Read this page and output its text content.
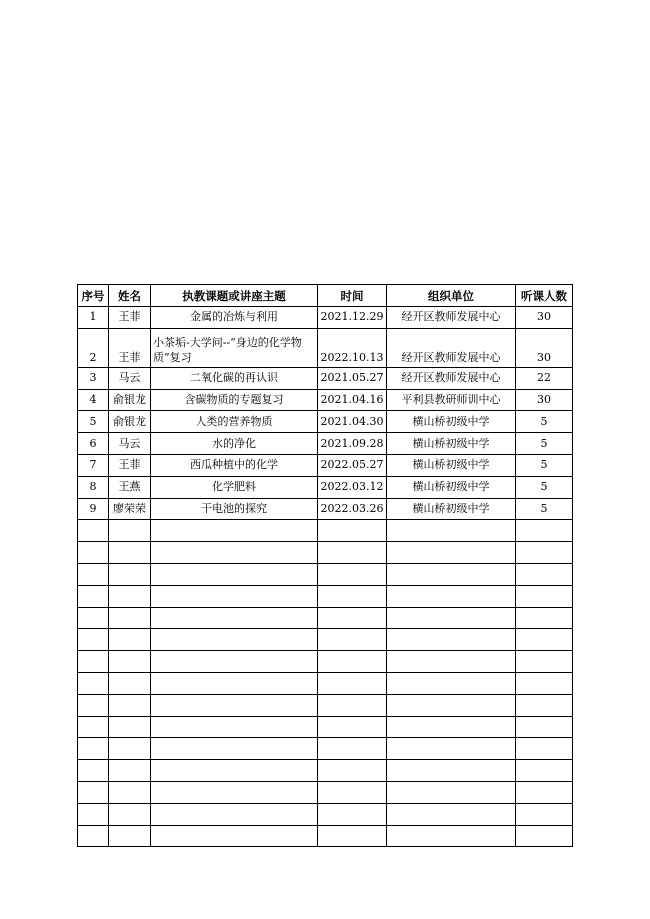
序号	姓名	执教课题或讲座主题	时间	组织单位	听课人数
1	王菲	金属的冶炼与利用	2021.12.29	经开区教师发展中心	30
2	王菲	小茶垢-大学问--“身边的化学物质”复习	2022.10.13	经开区教师发展中心	30
3	马云	二氧化碳的再认识	2021.05.27	经开区教师发展中心	22
4	俞银龙	含碳物质的专题复习	2021.04.16	平利县教研师训中心	30
5	俞银龙	人类的营养物质	2021.04.30	横山桥初级中学	5
6	马云	水的净化	2021.09.28	横山桥初级中学	5
7	王菲	西瓜种植中的化学	2022.05.27	横山桥初级中学	5
8	王燕	化学肥料	2022.03.12	横山桥初级中学	5
9	廖荣荣	干电池的探究	2022.03.26	横山桥初级中学	5
